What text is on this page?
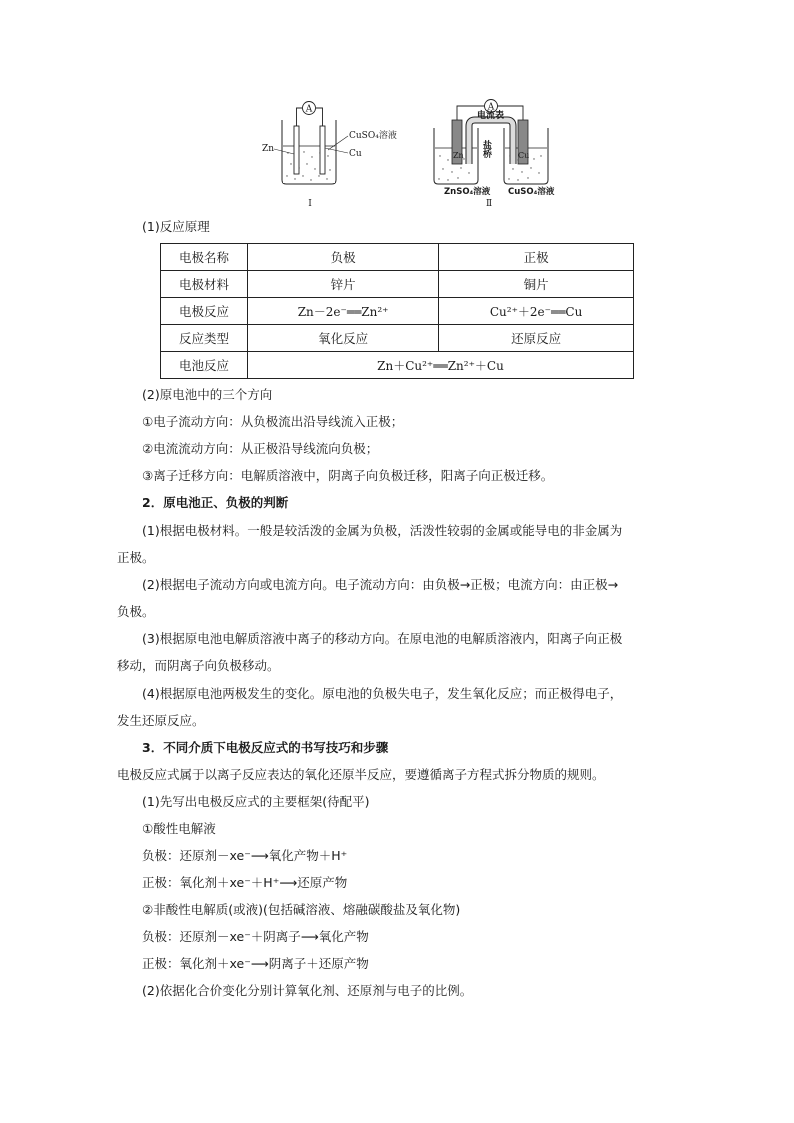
A
Zn
CuSO₄溶液
Cu
Ⅰ
A
电流表
盐桥
Zn	Cu
ZnSO₄溶液 CuSO₄溶液
Ⅱ
(1)反应原理
电极名称	负极	正极
电极材料	锌片	铜片
电极反应	Zn－2e⁻══Zn²⁺	Cu²⁺＋2e⁻══Cu
反应类型	氧化反应	还原反应
电池反应	Zn＋Cu²⁺══Zn²⁺＋Cu	
(2)原电池中的三个方向
①电子流动方向：从负极流出沿导线流入正极；
②电流流动方向：从正极沿导线流向负极；
③离子迁移方向：电解质溶液中，阴离子向负极迁移，阳离子向正极迁移。
2．原电池正、负极的判断
(1)根据电极材料。一般是较活泼的金属为负极，活泼性较弱的金属或能导电的非金属为
正极。
(2)根据电子流动方向或电流方向。电子流动方向：由负极→正极；电流方向：由正极→
负极。
(3)根据原电池电解质溶液中离子的移动方向。在原电池的电解质溶液内，阳离子向正极
移动，而阴离子向负极移动。
(4)根据原电池两极发生的变化。原电池的负极失电子，发生氧化反应；而正极得电子，
发生还原反应。
3．不同介质下电极反应式的书写技巧和步骤
电极反应式属于以离子反应表达的氧化还原半反应，要遵循离子方程式拆分物质的规则。
(1)先写出电极反应式的主要框架(待配平)
①酸性电解液
负极：还原剂－xe⁻⟶氧化产物＋H⁺
正极：氧化剂＋xe⁻＋H⁺⟶还原产物
②非酸性电解质(或液)(包括碱溶液、熔融碳酸盐及氧化物)
负极：还原剂－xe⁻＋阴离子⟶氧化产物
正极：氧化剂＋xe⁻⟶阴离子＋还原产物
(2)依据化合价变化分别计算氧化剂、还原剂与电子的比例。
